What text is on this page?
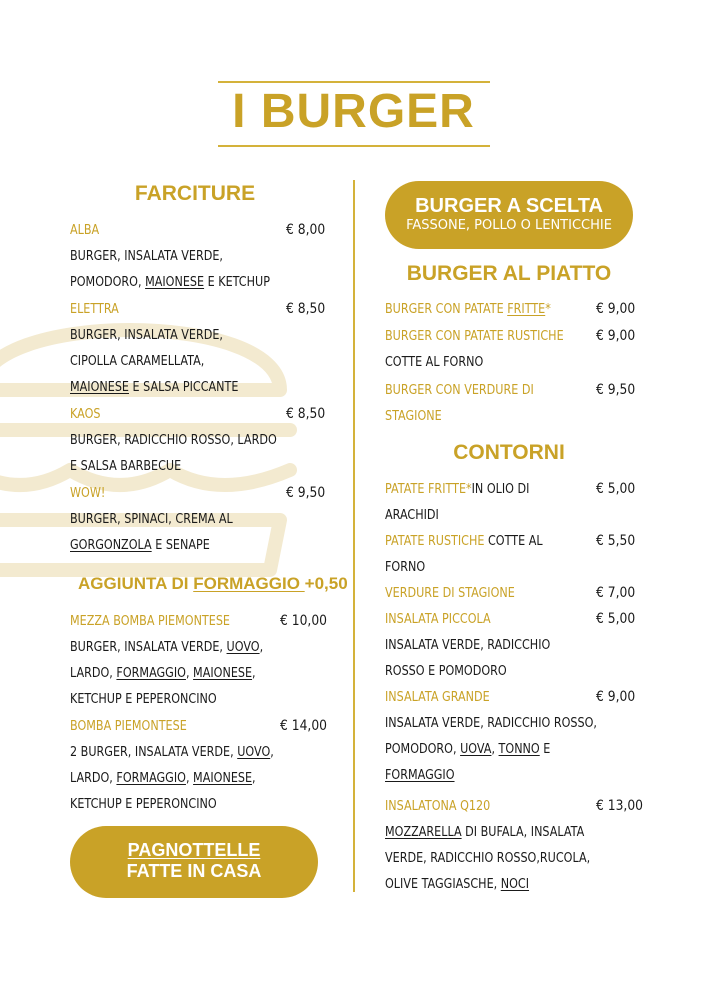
I BURGER
FARCITURE
ALBA
BURGER, INSALATA VERDE,
POMODORO, MAIONESE E KETCHUP
€ 8,00
ELETTRA
BURGER, INSALATA VERDE,
CIPOLLA CARAMELLATA,
MAIONESE E SALSA PICCANTE
€ 8,50
KAOS
BURGER, RADICCHIO ROSSO, LARDO
E SALSA BARBECUE
€ 8,50
WOW!
BURGER, SPINACI, CREMA AL
GORGONZOLA E SENAPE
€ 9,50
AGGIUNTA DI FORMAGGIO +0,50
MEZZA BOMBA PIEMONTESE
BURGER, INSALATA VERDE, UOVO,
LARDO, FORMAGGIO, MAIONESE,
KETCHUP E PEPERONCINO
€ 10,00
BOMBA PIEMONTESE
2 BURGER, INSALATA VERDE, UOVO,
LARDO, FORMAGGIO, MAIONESE,
KETCHUP E PEPERONCINO
€ 14,00
PAGNOTTELLE
FATTE IN CASA
BURGER A SCELTA
FASSONE, POLLO O LENTICCHIE
BURGER AL PIATTO
BURGER CON PATATE FRITTE*	€ 9,00
BURGER CON PATATE RUSTICHE
COTTE AL FORNO
€ 9,00
BURGER CON VERDURE DI
STAGIONE
€ 9,50
CONTORNI
PATATE FRITTE*IN OLIO DI
ARACHIDI
€ 5,00
PATATE RUSTICHE COTTE AL
FORNO
€ 5,50
VERDURE DI STAGIONE	€ 7,00
INSALATA PICCOLA
INSALATA VERDE, RADICCHIO
ROSSO E POMODORO
€ 5,00
INSALATA GRANDE
INSALATA VERDE, RADICCHIO ROSSO,
POMODORO, UOVA, TONNO E
FORMAGGIO
€ 9,00
INSALATONA Q120
MOZZARELLA DI BUFALA, INSALATA
VERDE, RADICCHIO ROSSO,RUCOLA,
OLIVE TAGGIASCHE, NOCI
€ 13,00
